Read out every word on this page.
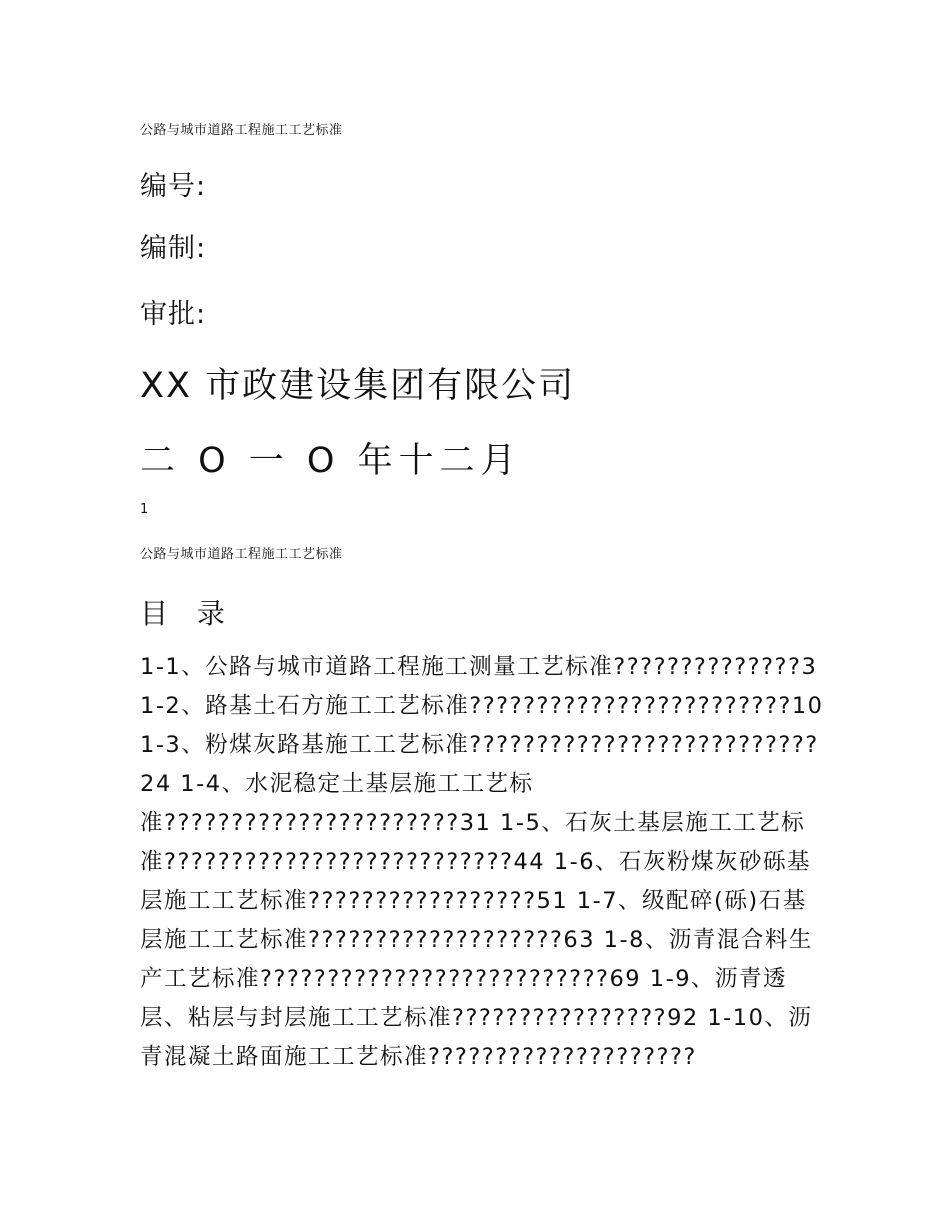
公路与城市道路工程施工工艺标准
编号:
编制:
审批:
XX 市政建设集团有限公司
二 O 一 O 年十二月
1
公路与城市道路工程施工工艺标准
目 录
1-1、公路与城市道路工程施工测量工艺标准??????????????3 1-2、路基土石方施工工艺标准????????????????????????10 1-3、粉煤灰路基施工工艺标准??????????????????????????24 1-4、水泥稳定土基层施工工艺标准??????????????????????31 1-5、石灰土基层施工工艺标准??????????????????????????44 1-6、石灰粉煤灰砂砾基层施工工艺标准?????????????????51 1-7、级配碎(砾)石基层施工工艺标准???????????????????63 1-8、沥青混合料生产工艺标准??????????????????????????69 1-9、沥青透层、粘层与封层施工工艺标准????????????????92 1-10、沥青混凝土路面施工工艺标准????????????????????
